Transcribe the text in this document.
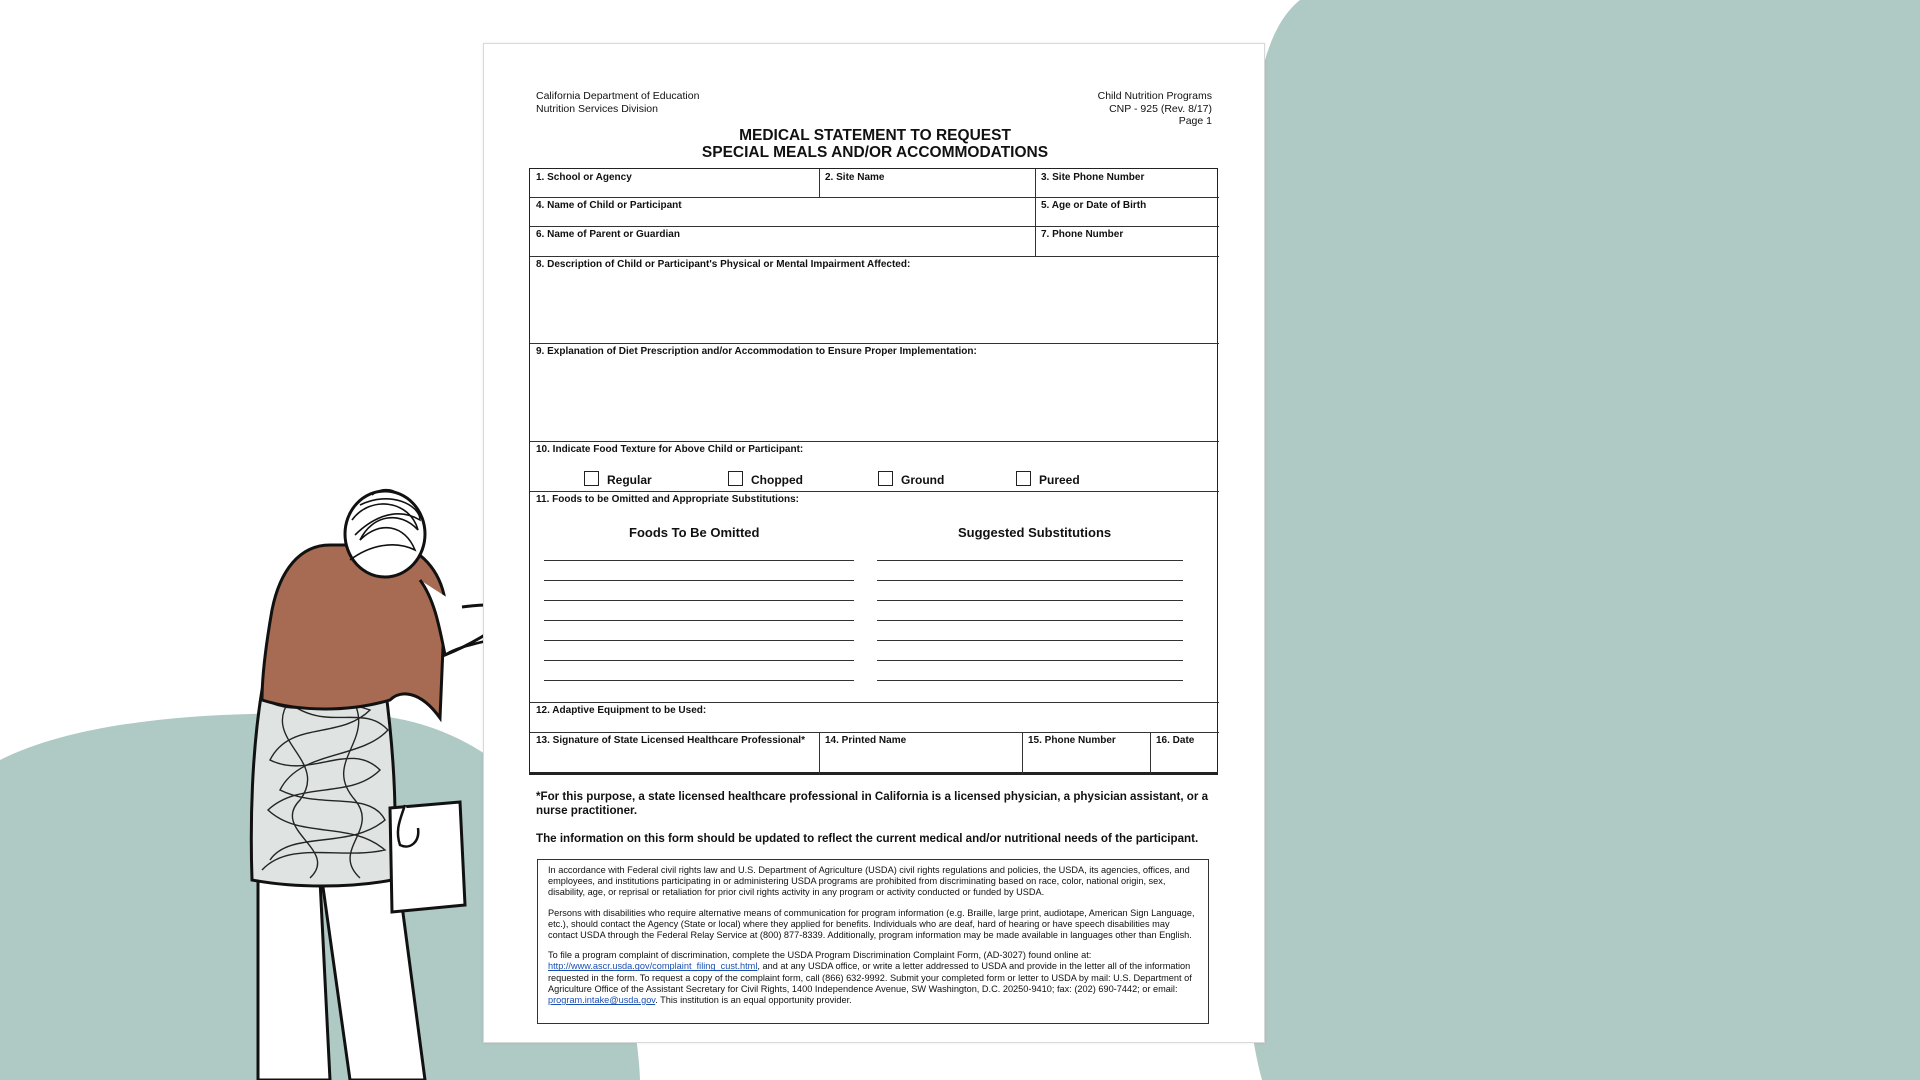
California Department of Education
Nutrition Services Division
Child Nutrition Programs
CNP - 925 (Rev. 8/17)
Page 1
MEDICAL STATEMENT TO REQUEST
SPECIAL MEALS AND/OR ACCOMMODATIONS
1. School or Agency	2. Site Name	3. Site Phone Number
4. Name of Child or Participant	5. Age or Date of Birth
6. Name of Parent or Guardian	7. Phone Number
8. Description of Child or Participant's Physical or Mental Impairment Affected:
9. Explanation of Diet Prescription and/or Accommodation to Ensure Proper Implementation:
10. Indicate Food Texture for Above Child or Participant:
Regular	Chopped	Ground	Pureed
11. Foods to be Omitted and Appropriate Substitutions:
Foods To Be Omitted	Suggested Substitutions
12. Adaptive Equipment to be Used:
13. Signature of State Licensed Healthcare Professional*	14. Printed Name	15. Phone Number	16. Date
*For this purpose, a state licensed healthcare professional in California is a licensed physician, a physician assistant, or a nurse practitioner.
The information on this form should be updated to reflect the current medical and/or nutritional needs of the participant.

In accordance with Federal civil rights law and U.S. Department of Agriculture (USDA) civil rights regulations and policies, the USDA, its agencies, offices, and employees, and institutions participating in or administering USDA programs are prohibited from discriminating based on race, color, national origin, sex, disability, age, or reprisal or retaliation for prior civil rights activity in any program or activity conducted or funded by USDA.

Persons with disabilities who require alternative means of communication for program information (e.g. Braille, large print, audiotape, American Sign Language, etc.), should contact the Agency (State or local) where they applied for benefits. Individuals who are deaf, hard of hearing or have speech disabilities may contact USDA through the Federal Relay Service at (800) 877-8339. Additionally, program information may be made available in languages other than English.

To file a program complaint of discrimination, complete the USDA Program Discrimination Complaint Form, (AD-3027) found online at: http://www.ascr.usda.gov/complaint_filing_cust.html, and at any USDA office, or write a letter addressed to USDA and provide in the letter all of the information requested in the form. To request a copy of the complaint form, call (866) 632-9992. Submit your completed form or letter to USDA by mail: U.S. Department of Agriculture Office of the Assistant Secretary for Civil Rights, 1400 Independence Avenue, SW Washington, D.C. 20250-9410; fax: (202) 690-7442; or email: program.intake@usda.gov. This institution is an equal opportunity provider.
